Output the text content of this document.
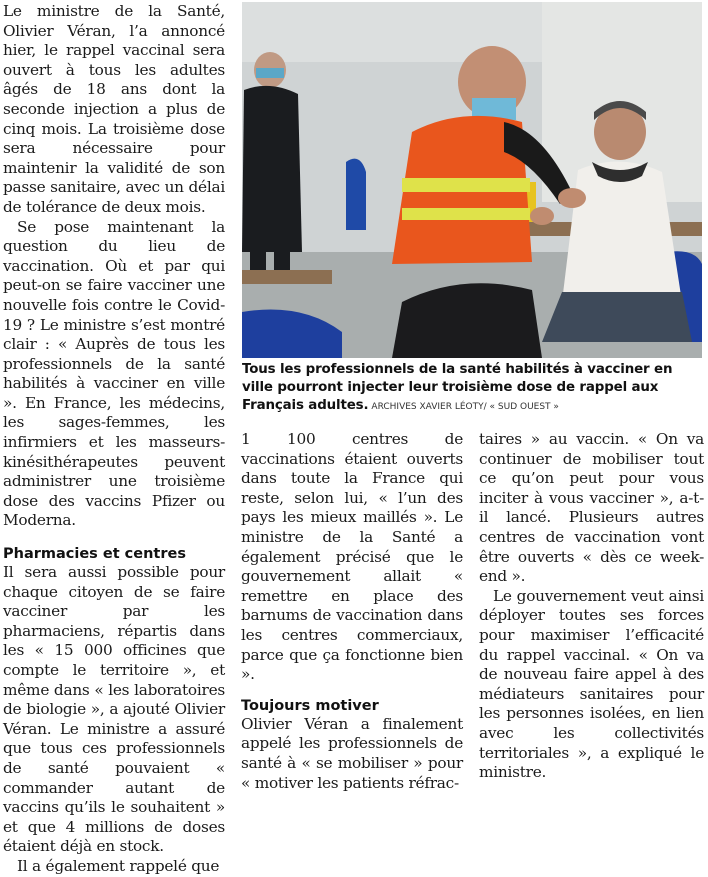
Le ministre de la Santé, Olivier Véran, l’a annoncé hier, le rappel vaccinal sera ouvert à tous les adultes âgés de 18 ans dont la seconde injection a plus de cinq mois. La troisième dose sera nécessaire pour maintenir la validité de son passe sanitaire, avec un délai de tolérance de deux mois.

Se pose maintenant la question du lieu de vaccination. Où et par qui peut-on se faire vacciner une nouvelle fois contre le Covid-19 ? Le ministre s’est montré clair : « Auprès de tous les professionnels de la santé habilités à vacciner en ville ». En France, les médecins, les sages-femmes, les infirmiers et les masseurs-kinésithérapeutes peuvent administrer une troisième dose des vaccins Pfizer ou Moderna.

Pharmacies et centres

Il sera aussi possible pour chaque citoyen de se faire vacciner par les pharmaciens, répartis dans les « 15 000 officines que compte le territoire », et même dans « les laboratoires de biologie », a ajouté Olivier Véran. Le ministre a assuré que tous ces professionnels de santé pouvaient « commander autant de vaccins qu’ils le souhaitent » et que 4 millions de doses étaient déjà en stock.

Il a également rappelé que

Tous les professionnels de la santé habilités à vacciner en ville pourront injecter leur troisième dose de rappel aux Français adultes. ARCHIVES XAVIER LÉOTY/ « SUD OUEST »

1 100 centres de vaccinations étaient ouverts dans toute la France qui reste, selon lui, « l’un des pays les mieux maillés ». Le ministre de la Santé a également précisé que le gouvernement allait « remettre en place des barnums de vaccination dans les centres commerciaux, parce que ça fonctionne bien ».

Toujours motiver

Olivier Véran a finalement appelé les professionnels de santé à « se mobiliser » pour « motiver les patients réfrac-

taires » au vaccin. « On va continuer de mobiliser tout ce qu’on peut pour vous inciter à vous vacciner », a-t-il lancé. Plusieurs autres centres de vaccination vont être ouverts « dès ce week-end ».

Le gouvernement veut ainsi déployer toutes ses forces pour maximiser l’efficacité du rappel vaccinal. « On va de nouveau faire appel à des médiateurs sanitaires pour les personnes isolées, en lien avec les collectivités territoriales », a expliqué le ministre.
